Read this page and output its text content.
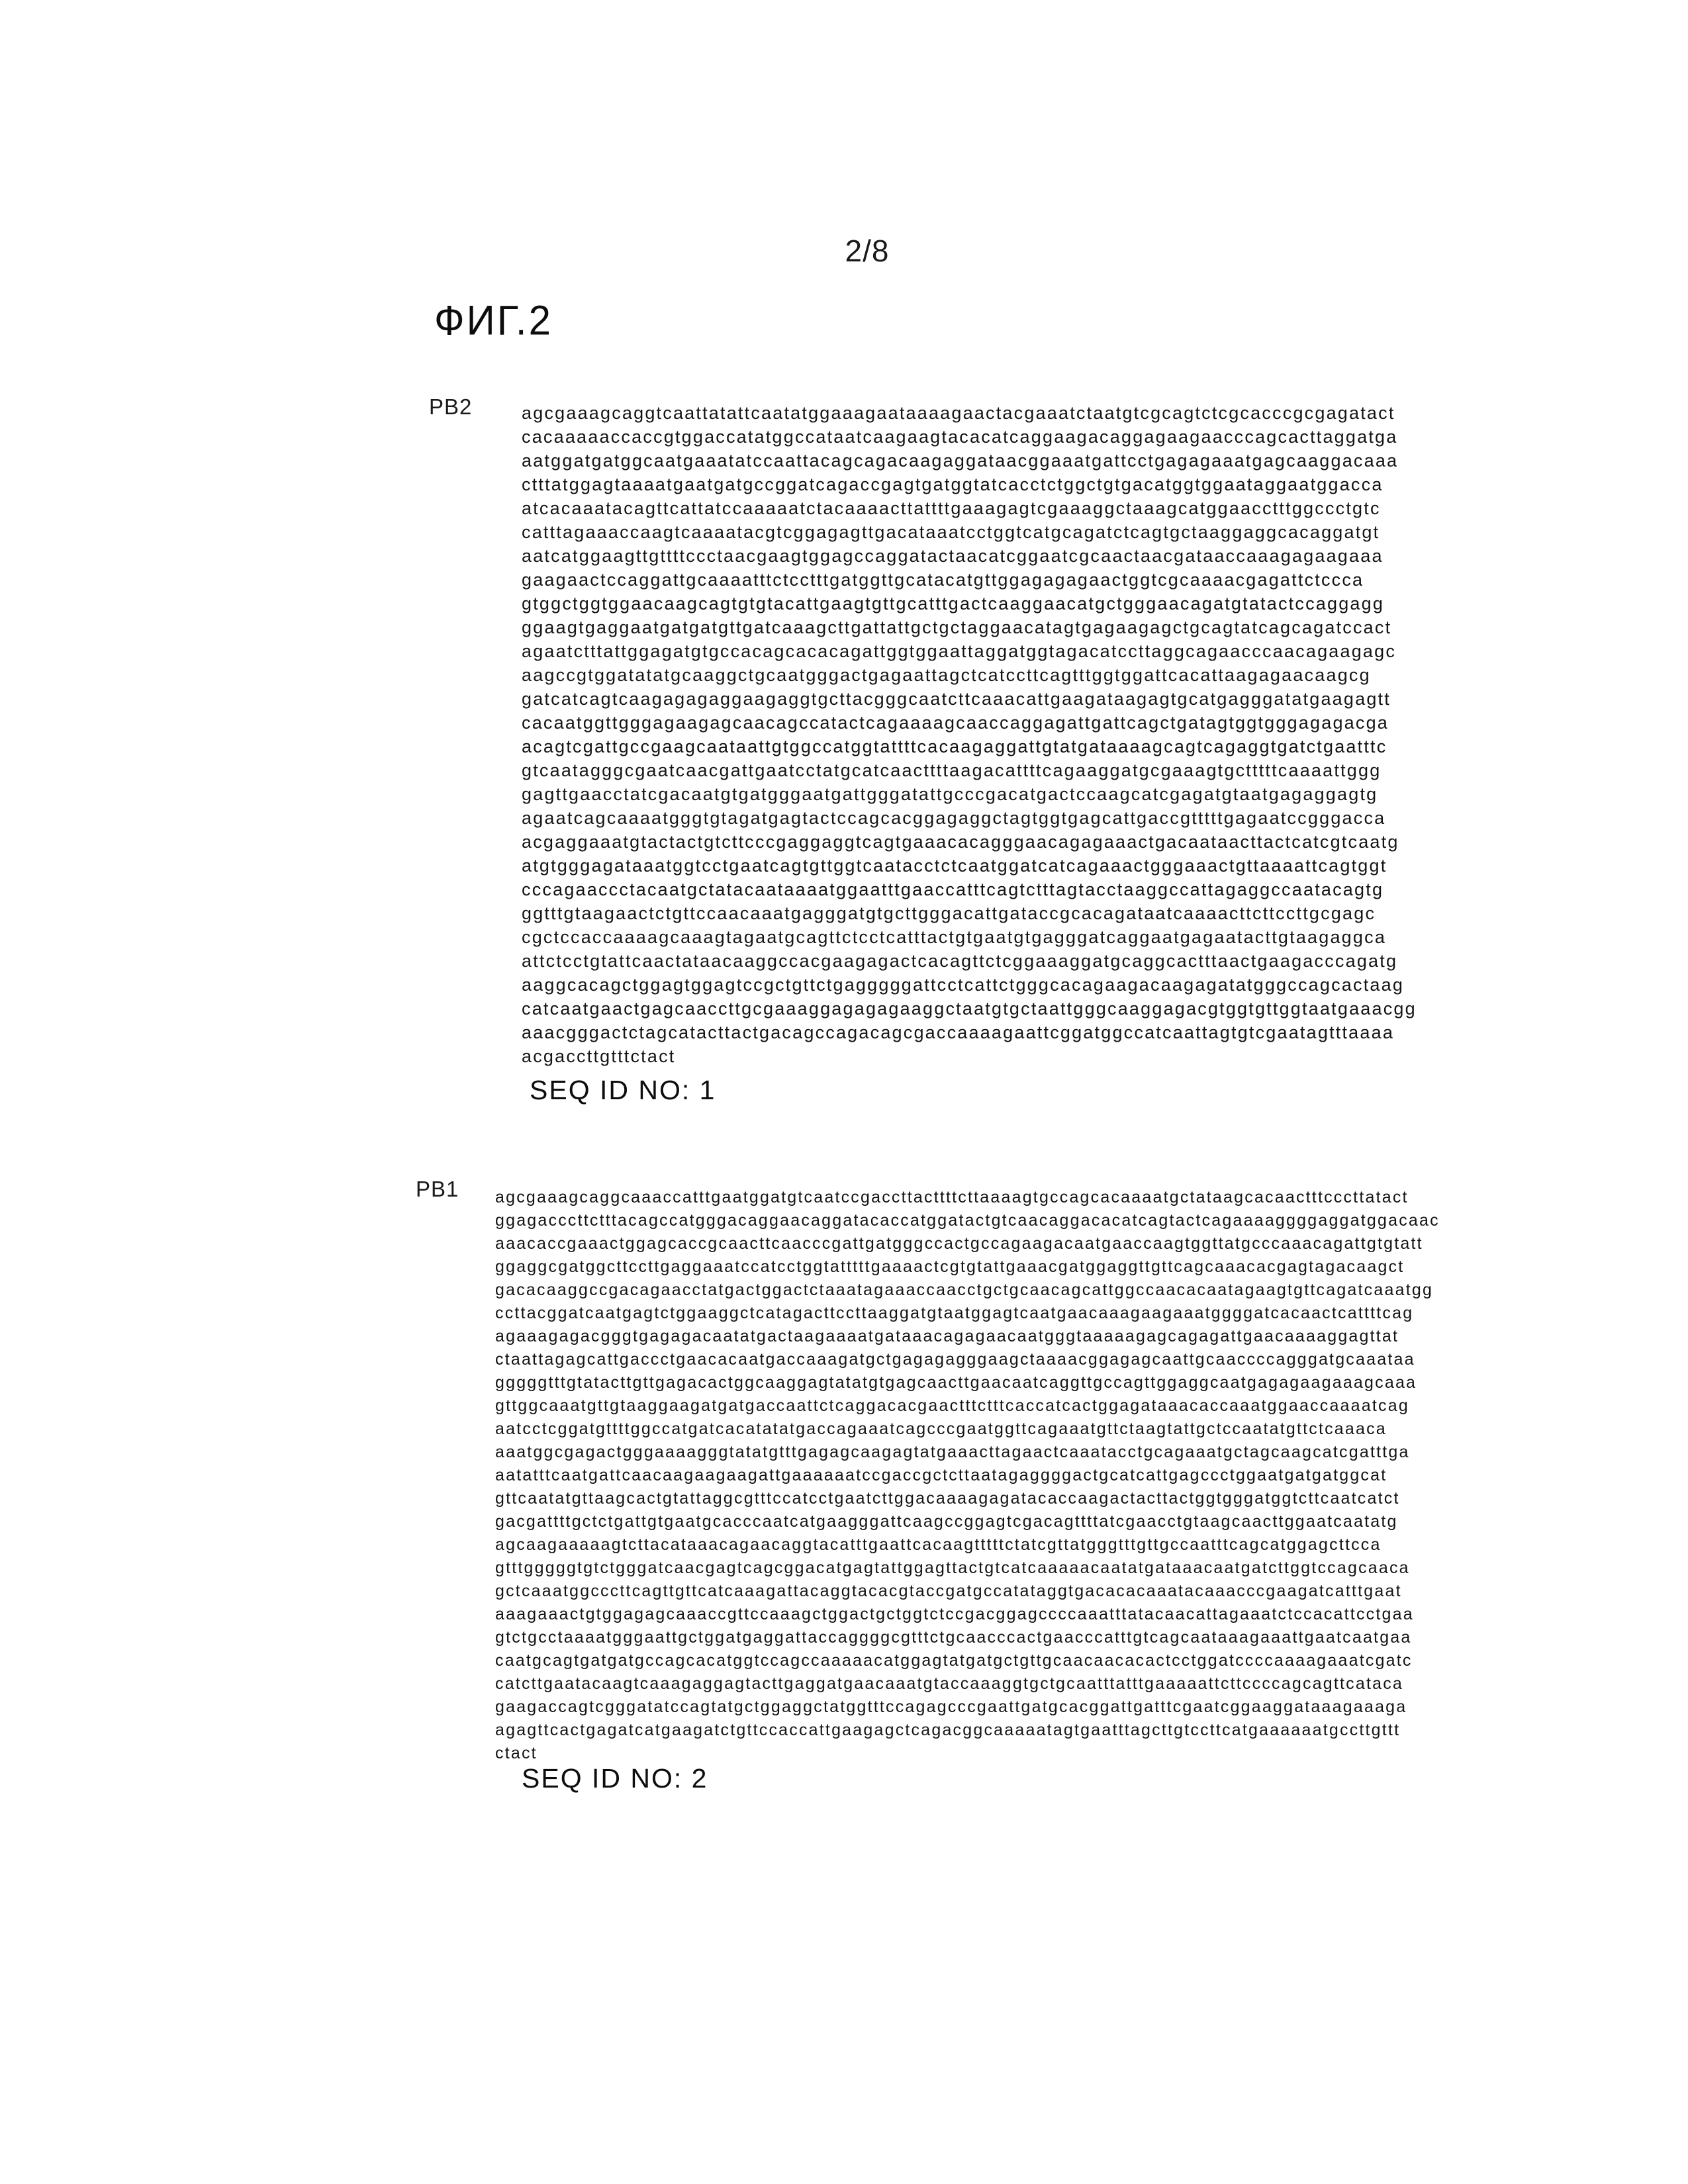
2/8
ФИГ.2
PB2	agcgaaagcaggtcaattatattcaatatggaaagaataaaagaactacgaaatctaatgtcgcagtctcgcacccgcgagatact
cacaaaaaccaccgtggaccatatggccataatcaagaagtacacatcaggaagacaggagaagaacccagcacttaggatga
aatggatgatggcaatgaaatatccaattacagcagacaagaggataacggaaatgattcctgagagaaatgagcaaggacaaa
ctttatggagtaaaatgaatgatgccggatcagaccgagtgatggtatcacctctggctgtgacatggtggaataggaatggacca
atcacaaatacagttcattatccaaaaatctacaaaacttattttgaaagagtcgaaaggctaaagcatggaacctttggccctgtc
catttagaaaccaagtcaaaatacgtcggagagttgacataaatcctggtcatgcagatctcagtgctaaggaggcacaggatgt
aatcatggaagttgttttccctaacgaagtggagccaggatactaacatcggaatcgcaactaacgataaccaaagagaagaaa
gaagaactccaggattgcaaaatttctcctttgatggttgcatacatgttggagagagaactggtcgcaaaacgagattctccca
gtggctggtggaacaagcagtgtgtacattgaagtgttgcatttgactcaaggaacatgctgggaacagatgtatactccaggagg
ggaagtgaggaatgatgatgttgatcaaagcttgattattgctgctaggaacatagtgagaagagctgcagtatcagcagatccact
agaatctttattggagatgtgccacagcacacagattggtggaattaggatggtagacatccttaggcagaacccaacagaagagc
aagccgtggatatatgcaaggctgcaatgggactgagaattagctcatccttcagtttggtggattcacattaagagaacaagcg
gatcatcagtcaagagagaggaagaggtgcttacgggcaatcttcaaacattgaagataagagtgcatgagggatatgaagagtt
cacaatggttgggagaagagcaacagccatactcagaaaagcaaccaggagattgattcagctgatagtggtgggagagacga
acagtcgattgccgaagcaataattgtggccatggtattttcacaagaggattgtatgataaaagcagtcagaggtgatctgaatttc
gtcaatagggcgaatcaacgattgaatcctatgcatcaacttttaagacattttcagaaggatgcgaaagtgctttttcaaaattggg
gagttgaacctatcgacaatgtgatgggaatgattgggatattgcccgacatgactccaagcatcgagatgtaatgagaggagtg
agaatcagcaaaatgggtgtagatgagtactccagcacggagaggctagtggtgagcattgaccgtttttgagaatccgggacca
acgaggaaatgtactactgtcttcccgaggaggtcagtgaaacacagggaacagagaaactgacaataacttactcatcgtcaatg
atgtgggagataaatggtcctgaatcagtgttggtcaatacctctcaatggatcatcagaaactgggaaactgttaaaattcagtggt
cccagaaccctacaatgctatacaataaaatggaatttgaaccatttcagtctttagtacctaaggccattagaggccaatacagtg
ggtttgtaagaactctgttccaacaaatgagggatgtgcttgggacattgataccgcacagataatcaaaacttcttccttgcgagc
cgctccaccaaaagcaaagtagaatgcagttctcctcatttactgtgaatgtgagggatcaggaatgagaatacttgtaagaggca
attctcctgtattcaactataacaaggccacgaagagactcacagttctcggaaaggatgcaggcactttaactgaagacccagatg
aaggcacagctggagtggagtccgctgttctgagggggattcctcattctgggcacagaagacaagagatatgggccagcactaag
catcaatgaactgagcaaccttgcgaaaggagagagaaggctaatgtgctaattgggcaaggagacgtggtgttggtaatgaaacgg
aaacgggactctagcatacttactgacagccagacagcgaccaaaagaattcggatggccatcaattagtgtcgaatagtttaaaa
acgaccttgtttctact
SEQ ID NO: 1
PB1 agcgaaagcaggcaaaccatttgaatggatgtcaatccgaccttacttttcttaaaagtgccagcacaaaatgctataagcacaactttcccttatact
ggagacccttctttacagccatgggacaggaacaggatacaccatggatactgtcaacaggacacatcagtactcagaaaaggggaggatggacaac
aaacaccgaaactggagcaccgcaacttcaacccgattgatgggccactgccagaagacaatgaaccaagtggttatgcccaaacagattgtgtatt
ggaggcgatggcttccttgaggaaatccatcctggtatttttgaaaactcgtgtattgaaacgatggaggttgttcagcaaacacgagtagacaagct
gacacaaggccgacagaacctatgactggactctaaatagaaaccaacctgctgcaacagcattggccaacacaatagaagtgttcagatcaaatgg
ccttacggatcaatgagtctggaaggctcatagacttccttaaggatgtaatggagtcaatgaacaaagaagaaatggggatcacaactcattttcag
agaaagagacgggtgagagacaatatgactaagaaaatgataaacagagaacaatgggtaaaaagagcagagattgaacaaaaggagttat
ctaattagagcattgaccctgaacacaatgaccaaagatgctgagagagggaagctaaaacggagagcaattgcaaccccagggatgcaaataa
gggggtttgtatacttgttgagacactggcaaggagtatatgtgagcaacttgaacaatcaggttgccagttggaggcaatgagagaagaaagcaaa
gttggcaaatgttgtaaggaagatgatgaccaattctcaggacacgaactttctttcaccatcactggagataaacaccaaatggaaccaaaatcag
aatcctcggatgttttggccatgatcacatatatgaccagaaatcagcccgaatggttcagaaatgttctaagtattgctccaatatgttctcaaaca
aaatggcgagactgggaaaagggtatatgtttgagagcaagagtatgaaacttagaactcaaatacctgcagaaatgctagcaagcatcgatttga
aatatttcaatgattcaacaagaagaagattgaaaaaatccgaccgctcttaatagaggggactgcatcattgagccctggaatgatgatggcat
gttcaatatgttaagcactgtattaggcgtttccatcctgaatcttggacaaaagagatacaccaagactacttactggtgggatggtcttcaatcatct
gacgattttgctctgattgtgaatgcacccaatcatgaagggattcaagccggagtcgacagttttatcgaacctgtaagcaacttggaatcaatatg
agcaagaaaaagtcttacataaacagaacaggtacatttgaattcacaagtttttctatcgttatgggtttgttgccaatttcagcatggagcttcca
gtttgggggtgtctgggatcaacgagtcagcggacatgagtattggagttactgtcatcaaaaacaatatgataaacaatgatcttggtccagcaaca
gctcaaatggcccttcagttgttcatcaaagattacaggtacacgtaccgatgccatataggtgacacacaaatacaaacccgaagatcatttgaat
aaagaaactgtggagagcaaaccgttccaaagctggactgctggtctccgacggagccccaaatttatacaacattagaaatctccacattcctgaa
gtctgcctaaaatgggaattgctggatgaggattaccaggggcgtttctgcaacccactgaacccatttgtcagcaataaagaaattgaatcaatgaa
caatgcagtgatgatgccagcacatggtccagccaaaaacatggagtatgatgctgttgcaacaacacactcctggatccccaaaagaaatcgatc
catcttgaatacaagtcaaagaggagtacttgaggatgaacaaatgtaccaaaggtgctgcaatttatttgaaaaattcttccccagcagttcataca
gaagaccagtcgggatatccagtatgctggaggctatggtttccagagcccgaattgatgcacggattgatttcgaatcggaaggataaagaaaga
agagttcactgagatcatgaagatctgttccaccattgaagagctcagacggcaaaaatagtgaatttagcttgtccttcatgaaaaaatgccttgttt
ctact
SEQ ID NO: 2
